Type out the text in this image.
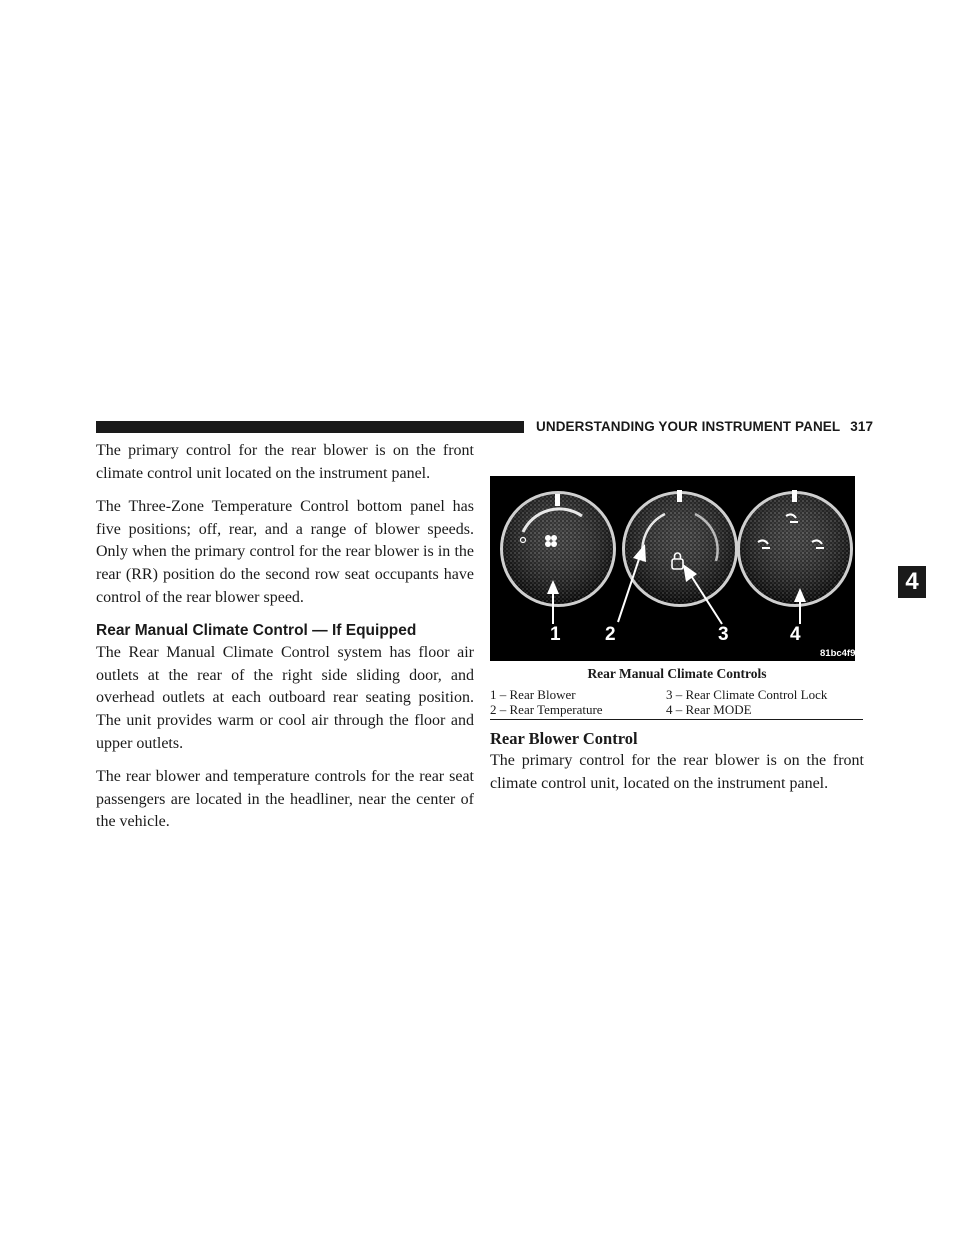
UNDERSTANDING YOUR INSTRUMENT PANEL 317
4

The primary control for the rear blower is on the front climate control unit located on the instrument panel.

The Three-Zone Temperature Control bottom panel has five positions; off, rear, and a range of blower speeds. Only when the primary control for the rear blower is in the rear (RR) position do the second row seat occupants have control of the rear blower speed.

Rear Manual Climate Control — If Equipped

The Rear Manual Climate Control system has floor air outlets at the rear of the right side sliding door, and overhead outlets at each outboard rear seating position. The unit provides warm or cool air through the floor and upper outlets.

The rear blower and temperature controls for the rear seat passengers are located in the headliner, near the center of the vehicle.

1 2	3	4
81bc4f92
Rear Manual Climate Controls
1 – Rear Blower	3 – Rear Climate Control Lock
2 – Rear Temperature	4 – Rear MODE
Rear Blower Control

The primary control for the rear blower is on the front climate control unit, located on the instrument panel.
